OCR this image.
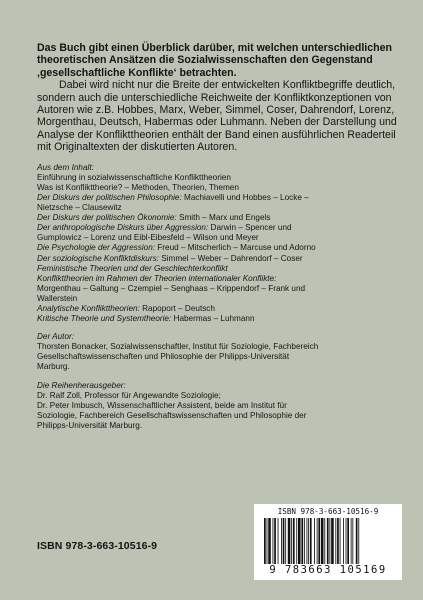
Das Buch gibt einen Überblick darüber, mit welchen unterschiedlichen theoretischen Ansätzen die Sozialwissenschaften den Gegenstand ‚gesellschaftliche Konflikte‘ betrachten.

Dabei wird nicht nur die Breite der entwickelten Konfliktbegriffe deutlich, sondern auch die unterschiedliche Reichweite der Konfliktkonzeptionen von Autoren wie z.B. Hobbes, Marx, Weber, Simmel, Coser, Dahrendorf, Lorenz, Morgenthau, Deutsch, Habermas oder Luhmann. Neben der Darstellung und Analyse der Konflikttheorien enthält der Band einen ausführlichen Readerteil mit Originaltexten der diskutierten Autoren.

Aus dem Inhalt:

Einführung in sozialwissenschaftliche Konflikttheorien

Was ist Konflikttheorie? – Methoden, Theorien, Themen

Der Diskurs der politischen Philosophie: Machiavelli und Hobbes – Locke –

Nietzsche – Clausewitz

Der Diskurs der politischen Ökonomie: Smith – Marx und Engels

Der anthropologische Diskurs über Aggression: Darwin – Spencer und

Gumplowicz – Lorenz und Eibl-Eibesfeld – Wilson und Meyer

Die Psychologie der Aggression: Freud – Mitscherlich – Marcuse und Adorno

Der soziologische Konfliktdiskurs: Simmel – Weber – Dahrendorf – Coser

Feministische Theorien und der Geschlechterkonflikt

Konflikttheorien im Rahmen der Theorien internationaler Konflikte:

Morgenthau – Galtung – Czempiel – Senghaas – Krippendorf – Frank und

Wallerstein

Analytische Konflikttheorien: Rapoport – Deutsch

Kritische Theorie und Systemtheorie: Habermas – Luhmann

Der Autor:

Thorsten Bonacker, Sozialwissenschaftler, Institut für Soziologie, Fachbereich

Gesellschaftswissenschaften und Philosophie der Philipps-Universität

Marburg.

Die Reihenherausgeber:

Dr. Ralf Zoll, Professor für Angewandte Soziologie;

Dr. Peter Imbusch, Wissenschaftlicher Assistent, beide am Institut für

Soziologie, Fachbereich Gesellschaftswissenschaften und Philosophie der

Philipps-Universität Marburg.

ISBN 978-3-663-10516-9
ISBN 978-3-663-10516-9
9 783663 105169
